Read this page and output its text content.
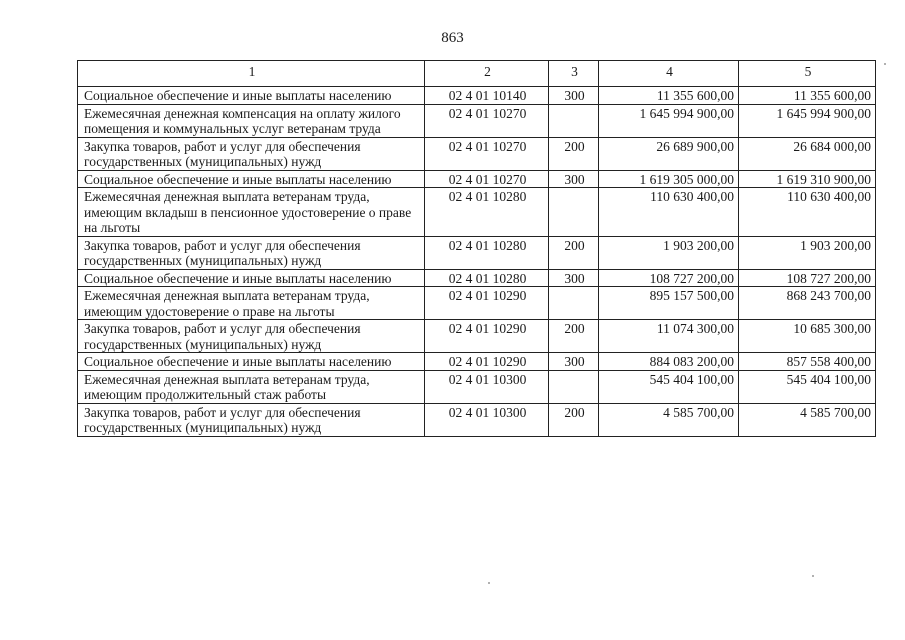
863
1	2	3	4	5
Социальное обеспечение и иные выплаты населению	02 4 01 10140	300	11 355 600,00	11 355 600,00
Ежемесячная денежная компенсация на оплату жилого помещения и коммунальных услуг ветеранам труда	02 4 01 10270		1 645 994 900,00	1 645 994 900,00
Закупка товаров, работ и услуг для обеспечения государственных (муниципальных) нужд	02 4 01 10270	200	26 689 900,00	26 684 000,00
Социальное обеспечение и иные выплаты населению	02 4 01 10270	300	1 619 305 000,00	1 619 310 900,00
Ежемесячная денежная выплата ветеранам труда, имеющим вкладыш в пенсионное удостоверение о праве на льготы	02 4 01 10280		110 630 400,00	110 630 400,00
Закупка товаров, работ и услуг для обеспечения государственных (муниципальных) нужд	02 4 01 10280	200	1 903 200,00	1 903 200,00
Социальное обеспечение и иные выплаты населению	02 4 01 10280	300	108 727 200,00	108 727 200,00
Ежемесячная денежная выплата ветеранам труда, имеющим удостоверение о праве на льготы	02 4 01 10290		895 157 500,00	868 243 700,00
Закупка товаров, работ и услуг для обеспечения государственных (муниципальных) нужд	02 4 01 10290	200	11 074 300,00	10 685 300,00
Социальное обеспечение и иные выплаты населению	02 4 01 10290	300	884 083 200,00	857 558 400,00
Ежемесячная денежная выплата ветеранам труда, имеющим продолжительный стаж работы	02 4 01 10300		545 404 100,00	545 404 100,00
Закупка товаров, работ и услуг для обеспечения государственных (муниципальных) нужд	02 4 01 10300	200	4 585 700,00	4 585 700,00
